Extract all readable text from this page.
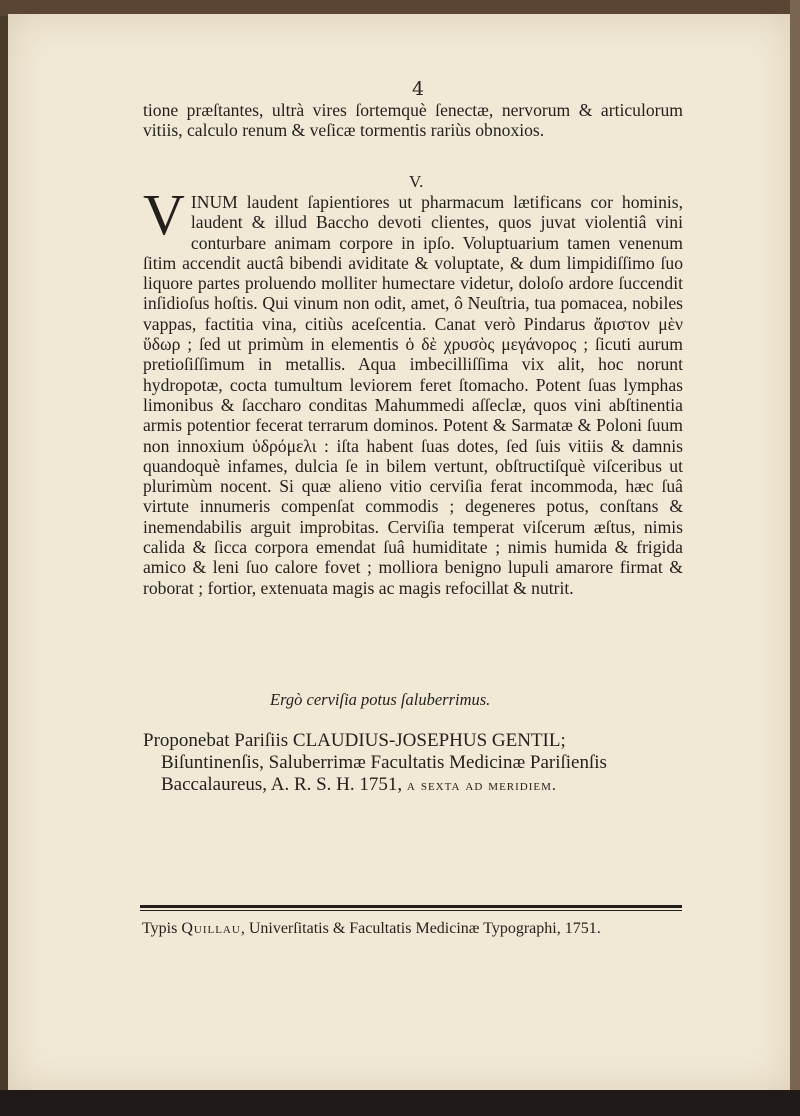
4

tione præſtantes, ultrà vires ſortemquè ſenectæ, nervorum & articulorum vitiis, calculo renum & veſicæ tormentis rariùs obnoxios.

V.
V INUM laudent ſapientiores ut pharmacum lætificans cor hominis, laudent & illud Baccho devoti clientes, quos juvat violentiâ vini conturbare animam corpore in ipſo. Voluptuarium tamen venenum ſitim accendit auctâ bibendi aviditate & voluptate, & dum limpidiſſimo ſuo liquore partes proluendo molliter humectare videtur, doloſo ardore ſuccendit inſidioſus hoſtis. Qui vinum non odit, amet, ô Neuſtria, tua pomacea, nobiles vappas, factitia vina, citiùs aceſcentia. Canat verò Pindarus ἄριστον μὲν ὕδωρ ; ſed ut primùm in elementis ὁ δὲ χρυσὸς μεγάνορος ; ſicuti aurum pretioſiſſimum in metallis. Aqua imbecilliſſima vix alit, hoc norunt hydropotæ, cocta tumultum leviorem feret ſtomacho. Potent ſuas lymphas limonibus & ſaccharo conditas Mahummedi aſſeclæ, quos vini abſtinentia armis potentior fecerat terrarum dominos. Potent & Sarmatæ & Poloni ſuum non innoxium ὑδρόμελι : iſta habent ſuas dotes, ſed ſuis vitiis & damnis quandoquè infames, dulcia ſe in bilem vertunt, obſtructiſquè viſceribus ut plurimùm nocent. Si quæ alieno vitio cerviſia ferat incommoda, hæc ſuâ virtute innumeris compenſat commodis ; degeneres potus, conſtans & inemendabilis arguit improbitas. Cerviſia temperat viſcerum æſtus, nimis calida & ſicca corpora emendat ſuâ humiditate ; nimis humida & frigida amico & leni ſuo calore fovet ; molliora benigno lupuli amarore firmat & roborat ; fortior, extenuata magis ac magis refocillat & nutrit.

Ergò cerviſia potus ſaluberrimus.
Proponebat Pariſiis CLAUDIUS-JOSEPHUS GENTIL;
Biſuntinenſis, Saluberrimæ Facultatis Medicinæ Pariſienſis
Baccalaureus, A. R. S. H. 1751, a sexta ad meridiem.
Typis Quillau, Univerſitatis & Facultatis Medicinæ Typographi, 1751.
